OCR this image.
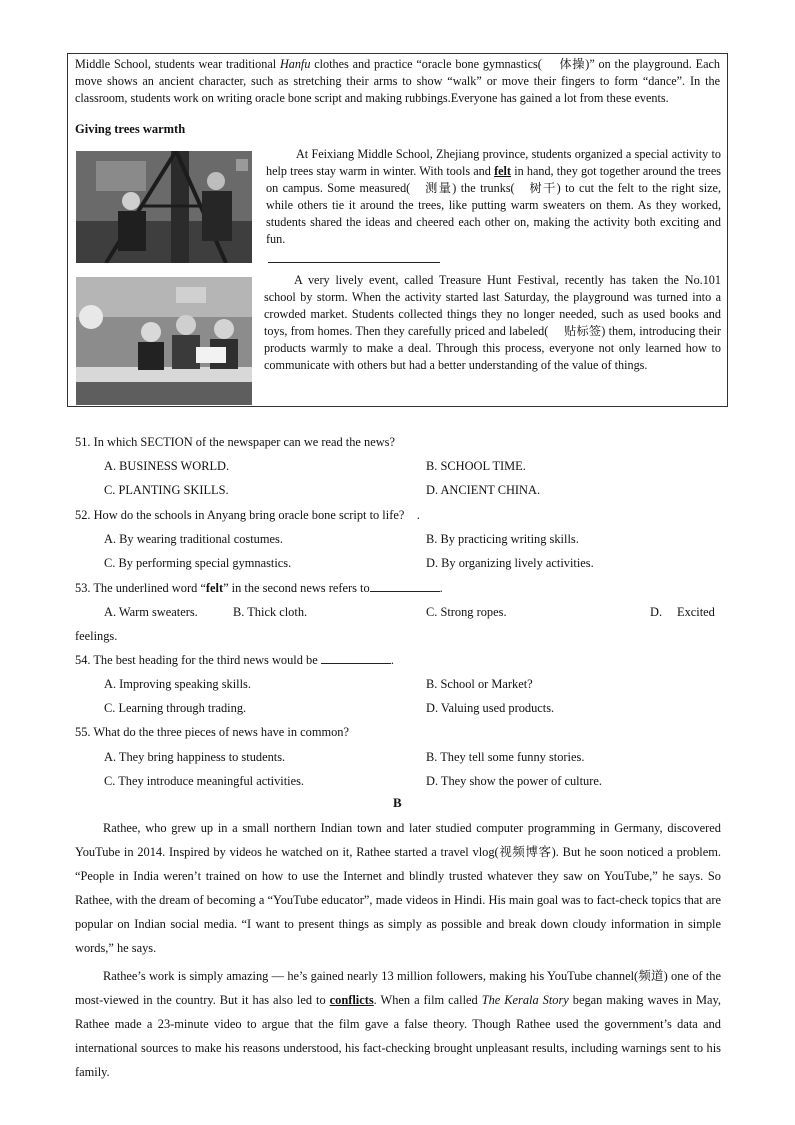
Middle School, students wear traditional Hanfu clothes and practice “oracle bone gymnastics(　 体操)” on the playground. Each move shows an ancient character, such as stretching their arms to show “walk” or move their fingers to form “dance”. In the classroom, students work on writing oracle bone script and making rubbings.Everyone has gained a lot from these events.

Giving trees warmth

At Feixiang Middle School, Zhejiang province, students organized a special activity to help trees stay warm in winter. With tools and felt in hand, they got together around the trees on campus. Some measured(　测量) the trunks(　树干) to cut the felt to the right size, while others tie it around the trees, like putting warm sweaters on them. As they worked, students shared the ideas and cheered each other on, making the activity both exciting and fun.

A very lively event, called Treasure Hunt Festival, recently has taken the No.101 school by storm. When the activity started last Saturday, the playground was turned into a crowded market. Students collected things they no longer needed, such as used books and toys, from homes. Then they carefully priced and labeled(　 贴标签) them, introducing their products warmly to make a deal. Through this process, everyone not only learned how to communicate with others but had a better understanding of the value of things.

51. In which SECTION of the newspaper can we read the news?
A. BUSINESS WORLD.	B. SCHOOL TIME.
C. PLANTING SKILLS.	D. ANCIENT CHINA.
52. How do the schools in Anyang bring oracle bone script to life?　.
A. By wearing traditional costumes.	B. By practicing writing skills.
C. By performing special gymnastics.	D. By organizing lively activities.
53. The underlined word “felt” in the second news refers to	.
A. Warm sweaters.	B. Thick cloth.	C. Strong ropes.	D. Excited
feelings.
54. The best heading for the third news would be	.
A. Improving speaking skills.	B. School or Market?
C. Learning through trading.	D. Valuing used products.
55. What do the three pieces of news have in common?
A. They bring happiness to students.	B. They tell some funny stories.
C. They introduce meaningful activities.	D. They show the power of culture.
B

Rathee, who grew up in a small northern Indian town and later studied computer programming in Germany, discovered YouTube in 2014. Inspired by videos he watched on it, Rathee started a travel vlog(视频博客). But he soon noticed a problem. “People in India weren’t trained on how to use the Internet and blindly trusted whatever they saw on YouTube,” he says. So Rathee, with the dream of becoming a “YouTube educator”, made videos in Hindi. His main goal was to fact-check topics that are popular on Indian social media. “I want to present things as simply as possible and break down cloudy information in simple words,” he says.

Rathee’s work is simply amazing — he’s gained nearly 13 million followers, making his YouTube channel(频道) one of the most-viewed in the country. But it has also led to conflicts. When a film called The Kerala Story began making waves in May, Rathee made a 23-minute video to argue that the film gave a false theory. Though Rathee used the government’s data and international sources to make his reasons understood, his fact-checking brought unpleasant results, including warnings sent to his family.
